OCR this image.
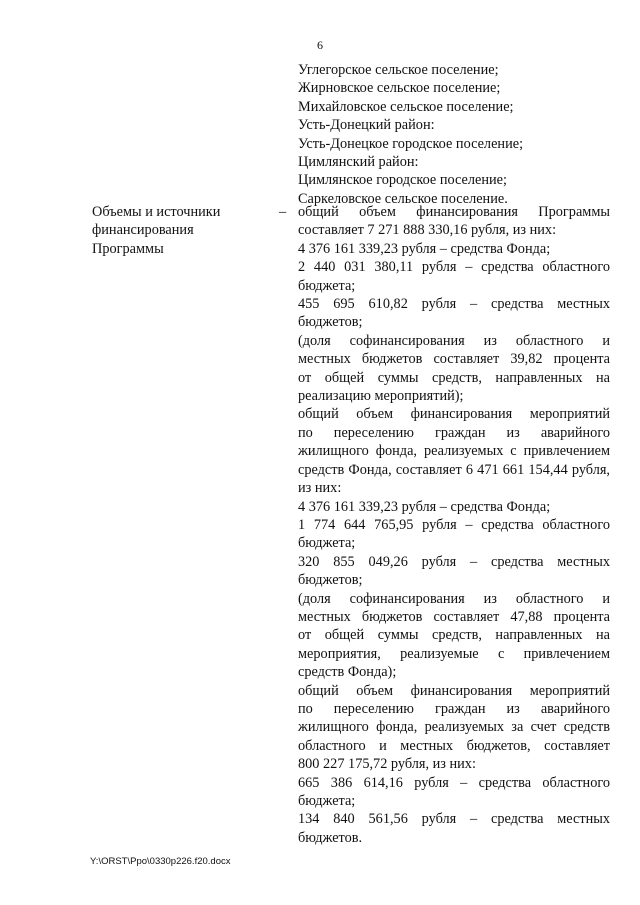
6
Углегорское сельское поселение;
Жирновское сельское поселение;
Михайловское сельское поселение;
Усть-Донецкий район:
Усть-Донецкое городское поселение;
Цимлянский район:
Цимлянское городское поселение;
Саркеловское сельское поселение.
Объемы и источники
финансирования
Программы
– общий объем финансирования Программы
составляет 7 271 888 330,16 рубля, из них:
4 376 161 339,23 рубля – средства Фонда;
2 440 031 380,11 рубля – средства областного
бюджета;
455 695 610,82 рубля – средства местных
бюджетов;
(доля софинансирования из областного и
местных бюджетов составляет 39,82 процента
от общей суммы средств, направленных на
реализацию мероприятий);
общий объем финансирования мероприятий
по переселению граждан из аварийного
жилищного фонда, реализуемых с привлечением
средств Фонда, составляет 6 471 661 154,44 рубля,
из них:
4 376 161 339,23 рубля – средства Фонда;
1 774 644 765,95 рубля – средства областного
бюджета;
320 855 049,26 рубля – средства местных
бюджетов;
(доля софинансирования из областного и
местных бюджетов составляет 47,88 процента
от общей суммы средств, направленных на
мероприятия, реализуемые с привлечением
средств Фонда);
общий объем финансирования мероприятий
по переселению граждан из аварийного
жилищного фонда, реализуемых за счет средств
областного и местных бюджетов, составляет
800 227 175,72 рубля, из них:
665 386 614,16 рубля – средства областного
бюджета;
134 840 561,56 рубля – средства местных
бюджетов.
Y:\ORST\Ppo\0330p226.f20.docx
